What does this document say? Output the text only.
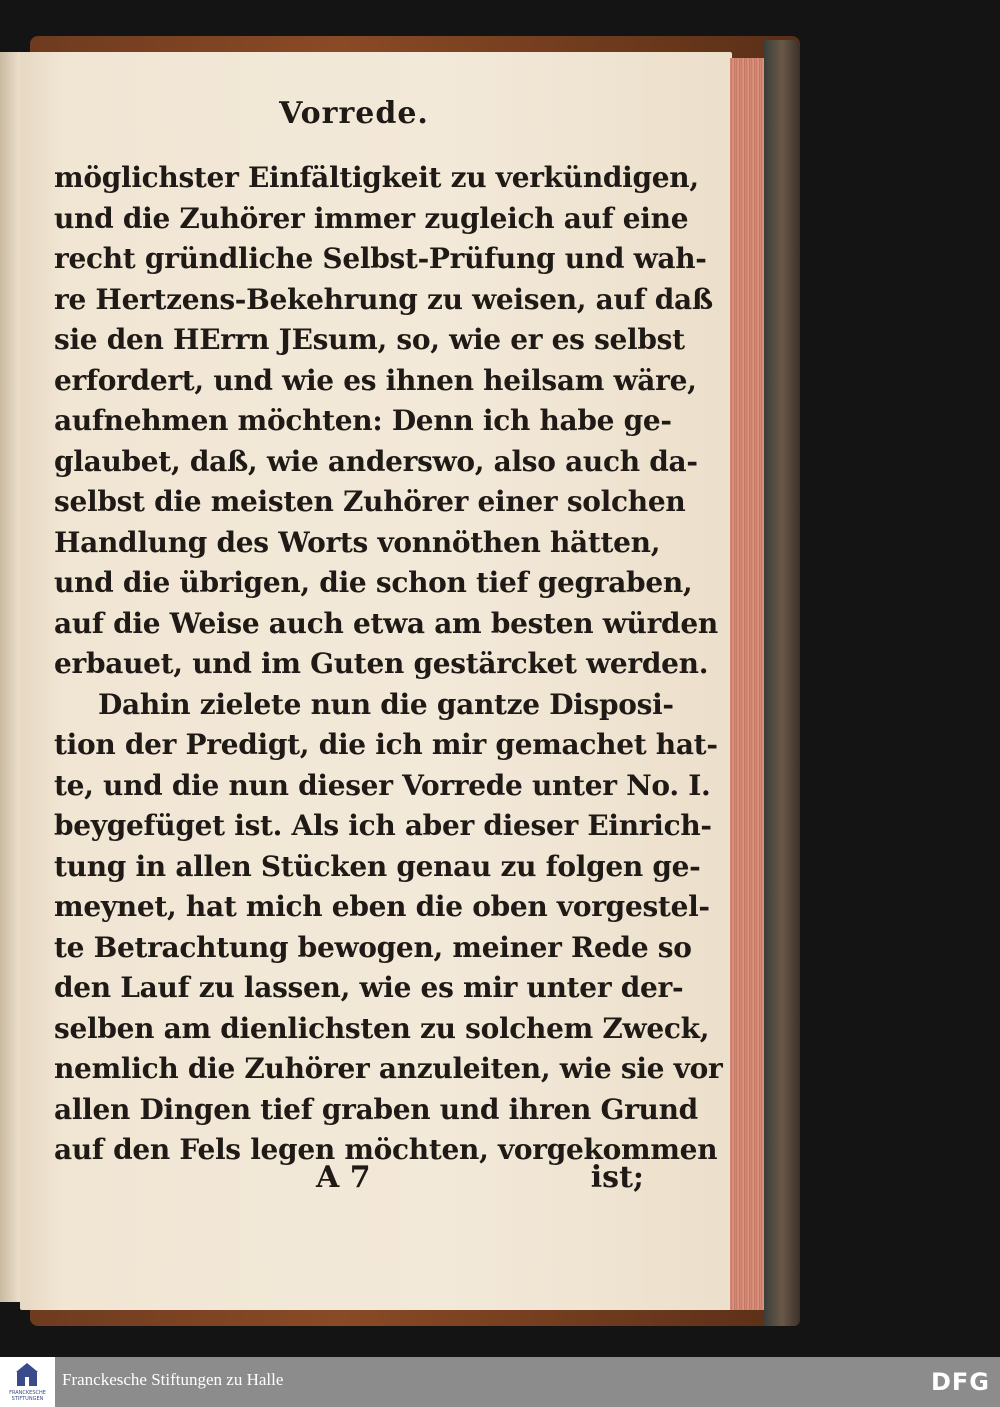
Vorrede.
möglichster Einfältigkeit zu verkündigen,
und die Zuhörer immer zugleich auf eine
recht gründliche Selbst-Prüfung und wah-
re Hertzens-Bekehrung zu weisen, auf daß
sie den HErrn JEsum, so, wie er es selbst
erfordert, und wie es ihnen heilsam wäre,
aufnehmen möchten: Denn ich habe ge-
glaubet, daß, wie anderswo, also auch da-
selbst die meisten Zuhörer einer solchen
Handlung des Worts vonnöthen hätten,
und die übrigen, die schon tief gegraben,
auf die Weise auch etwa am besten würden
erbauet, und im Guten gestärcket werden.
Dahin zielete nun die gantze Disposi-
tion der Predigt, die ich mir gemachet hat-
te, und die nun dieser Vorrede unter No. I.
beygefüget ist. Als ich aber dieser Einrich-
tung in allen Stücken genau zu folgen ge-
meynet, hat mich eben die oben vorgestel-
te Betrachtung bewogen, meiner Rede so
den Lauf zu lassen, wie es mir unter der-
selben am dienlichsten zu solchem Zweck,
nemlich die Zuhörer anzuleiten, wie sie vor
allen Dingen tief graben und ihren Grund
auf den Fels legen möchten, vorgekommen
A 7	ist;
FRANCKESCHE STIFTUNGEN
Franckesche Stiftungen zu Halle	DFG
